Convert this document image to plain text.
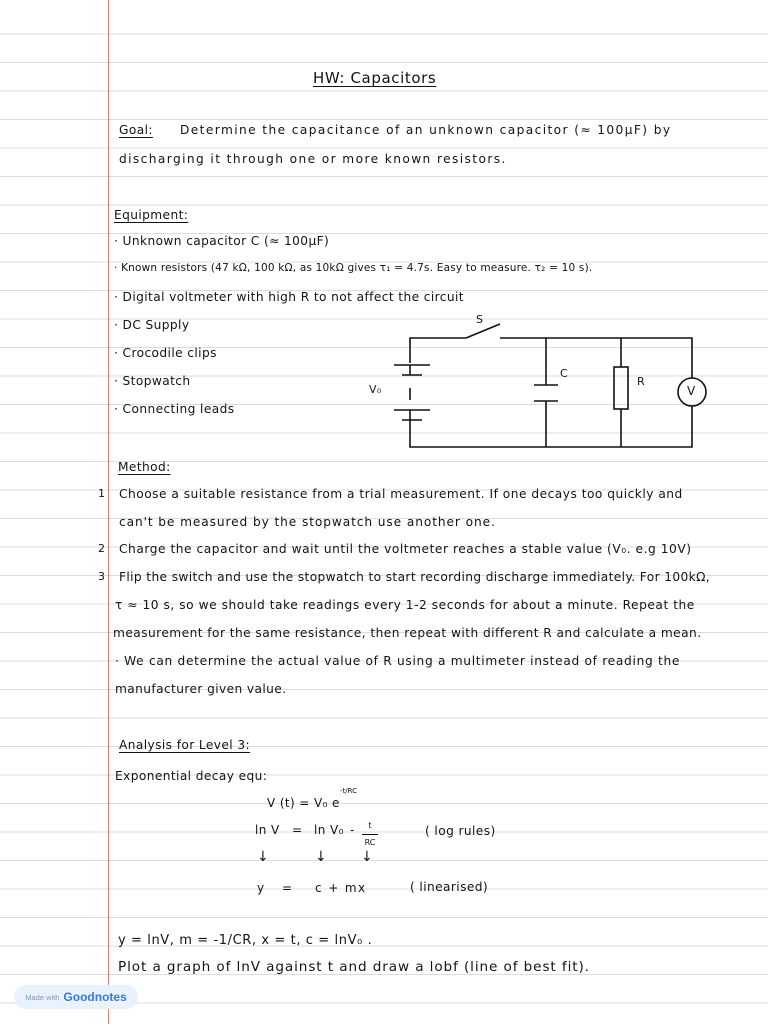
HW: Capacitors
Goal: Determine the capacitance of an unknown capacitor (≈ 100μF) by
discharging it through one or more known resistors.
Equipment:
· Unknown capacitor C (≈ 100μF)
· Known resistors (47 kΩ, 100 kΩ, as 10kΩ gives τ₁ = 4.7s. Easy to measure. τ₂ = 10 s).
· Digital voltmeter with high R to not affect the circuit
· DC Supply
· Crocodile clips
· Stopwatch
· Connecting leads
S
C
R
V
V₀
Method:
1 Choose a suitable resistance from a trial measurement. If one decays too quickly and
can't be measured by the stopwatch use another one.
2 Charge the capacitor and wait until the voltmeter reaches a stable value (V₀. e.g 10V)
3 Flip the switch and use the stopwatch to start recording discharge immediately. For 100kΩ,
τ ≈ 10 s, so we should take readings every 1-2 seconds for about a minute. Repeat the
measurement for the same resistance, then repeat with different R and calculate a mean.
· We can determine the actual value of R using a multimeter instead of reading the
manufacturer given value.
Analysis for Level 3:
Exponential decay equ:
V (t) = V₀ e
-t/RC
ln V = ln V₀ -	t
RC
( log rules)
↓	↓ ↓
y = c + mx	( linearised)
y = lnV, m = -1/CR, x = t, c = lnV₀ .
Plot a graph of lnV against t and draw a lobf (line of best fit).
Made with Goodnotes
